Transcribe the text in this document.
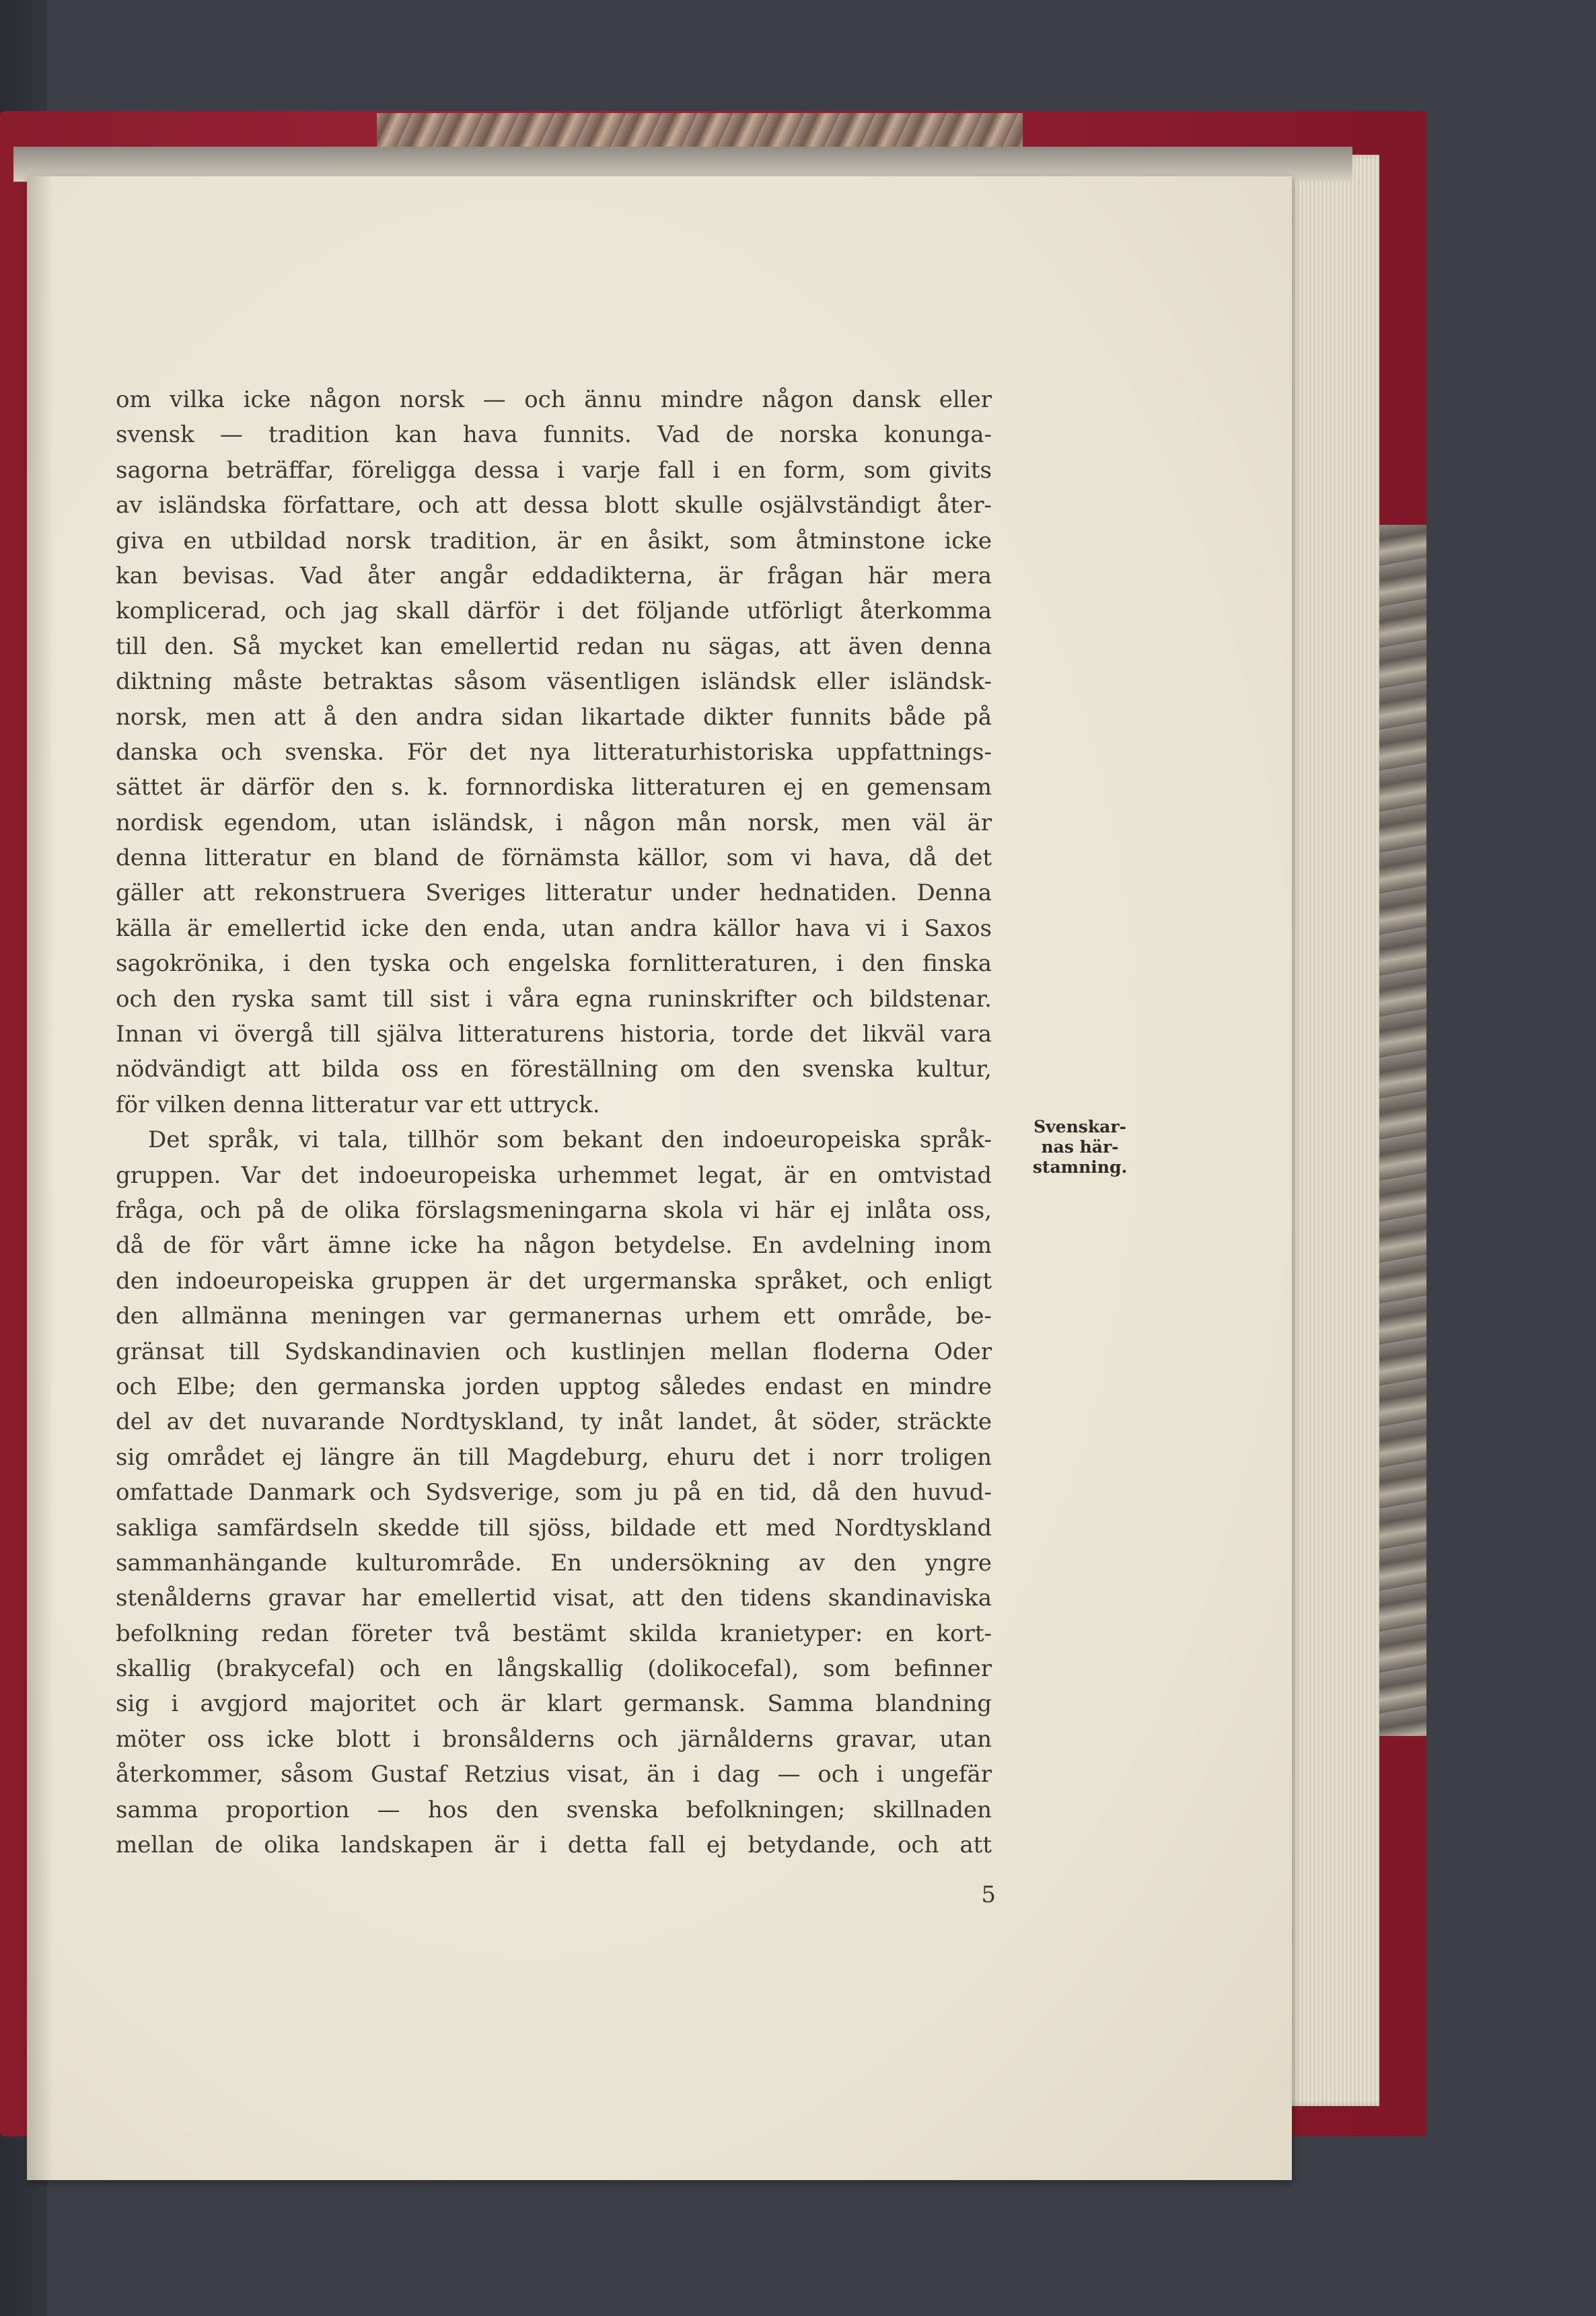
om vilka icke någon norsk — och ännu mindre någon dansk eller
svensk — tradition kan hava funnits. Vad de norska konunga-
sagorna beträffar, föreligga dessa i varje fall i en form, som givits
av isländska författare, och att dessa blott skulle osjälvständigt åter-
giva en utbildad norsk tradition, är en åsikt, som åtminstone icke
kan bevisas. Vad åter angår eddadikterna, är frågan här mera
komplicerad, och jag skall därför i det följande utförligt återkomma
till den. Så mycket kan emellertid redan nu sägas, att även denna
diktning måste betraktas såsom väsentligen isländsk eller isländsk-
norsk, men att å den andra sidan likartade dikter funnits både på
danska och svenska. För det nya litteraturhistoriska uppfattnings-
sättet är därför den s. k. fornnordiska litteraturen ej en gemensam
nordisk egendom, utan isländsk, i någon mån norsk, men väl är
denna litteratur en bland de förnämsta källor, som vi hava, då det
gäller att rekonstruera Sveriges litteratur under hednatiden. Denna
källa är emellertid icke den enda, utan andra källor hava vi i Saxos
sagokrönika, i den tyska och engelska fornlitteraturen, i den finska
och den ryska samt till sist i våra egna runinskrifter och bildstenar.
Innan vi övergå till själva litteraturens historia, torde det likväl vara
nödvändigt att bilda oss en föreställning om den svenska kultur,
för vilken denna litteratur var ett uttryck.
Det språk, vi tala, tillhör som bekant den indoeuropeiska språk-
gruppen. Var det indoeuropeiska urhemmet legat, är en omtvistad
fråga, och på de olika förslagsmeningarna skola vi här ej inlåta oss,
då de för vårt ämne icke ha någon betydelse. En avdelning inom
den indoeuropeiska gruppen är det urgermanska språket, och enligt
den allmänna meningen var germanernas urhem ett område, be-
gränsat till Sydskandinavien och kustlinjen mellan floderna Oder
och Elbe; den germanska jorden upptog således endast en mindre
del av det nuvarande Nordtyskland, ty inåt landet, åt söder, sträckte
sig området ej längre än till Magdeburg, ehuru det i norr troligen
omfattade Danmark och Sydsverige, som ju på en tid, då den huvud-
sakliga samfärdseln skedde till sjöss, bildade ett med Nordtyskland
sammanhängande kulturområde. En undersökning av den yngre
stenålderns gravar har emellertid visat, att den tidens skandinaviska
befolkning redan företer två bestämt skilda kranietyper: en kort-
skallig (brakycefal) och en långskallig (dolikocefal), som befinner
sig i avgjord majoritet och är klart germansk. Samma blandning
möter oss icke blott i bronsålderns och järnålderns gravar, utan
återkommer, såsom Gustaf Retzius visat, än i dag — och i ungefär
samma proportion — hos den svenska befolkningen; skillnaden
mellan de olika landskapen är i detta fall ej betydande, och att
Svenskar-
nas här-
stamning.
5
